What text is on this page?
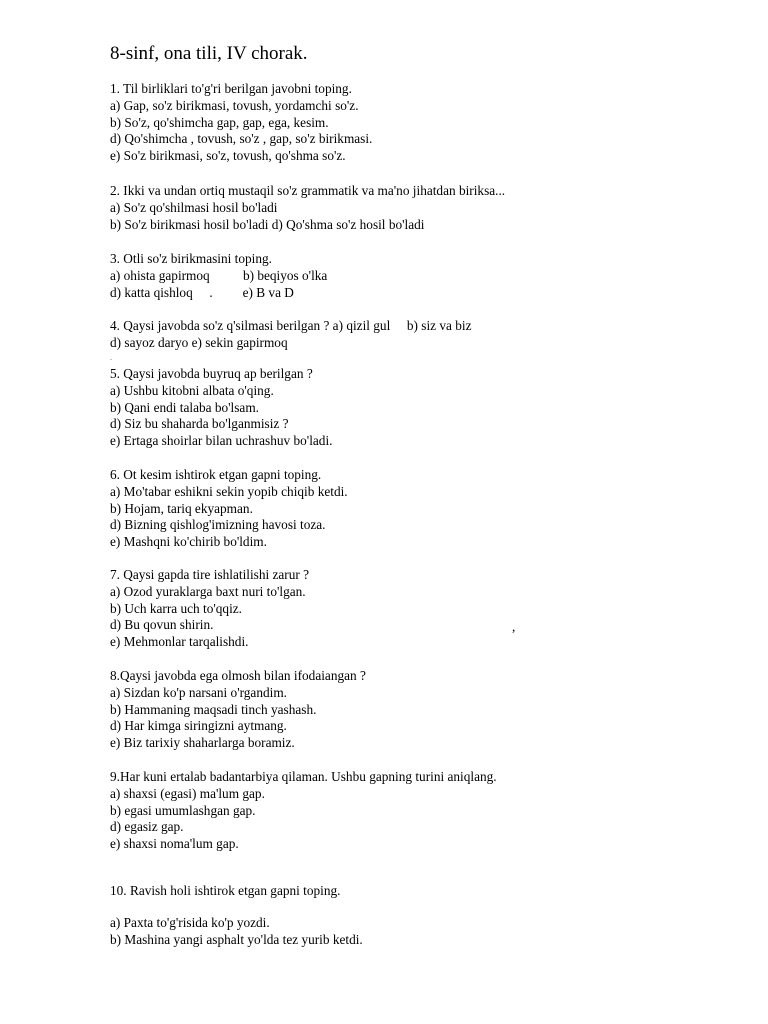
8-sinf, ona tili, IV chorak.
1. Til birliklari to'g'ri berilgan javobni toping.
a) Gap, so'z birikmasi, tovush, yordamchi so'z.
b) So'z, qo'shimcha gap, gap, ega, kesim.
d) Qo'shimcha , tovush, so'z , gap, so'z birikmasi.
e) So'z birikmasi, so'z, tovush, qo'shma so'z.
2. Ikki va undan ortiq mustaqil so'z grammatik va ma'no jihatdan biriksa...
a) So'z qo'shilmasi hosil bo'ladi
b) So'z birikmasi hosil bo'ladi d) Qo'shma so'z hosil bo'ladi
3. Otli so'z birikmasini toping.
a) ohista gapirmoq          b) beqiyos o'lka
d) katta qishloq     .         e) B va D
4. Qaysi javobda so'z q'silmasi berilgan ? a) qizil gul     b) siz va biz
d) sayoz daryo e) sekin gapirmoq
-
5. Qaysi javobda buyruq ap berilgan ?
a) Ushbu kitobni albata o'qing.
b) Qani endi talaba bo'lsam.
d) Siz bu shaharda bo'lganmisiz ?
e) Ertaga shoirlar bilan uchrashuv bo'ladi.
6. Ot kesim ishtirok etgan gapni toping.
a) Mo'tabar eshikni sekin yopib chiqib ketdi.
b) Hojam, tariq ekyapman.
d) Bizning qishlog'imizning havosi toza.
e) Mashqni ko'chirib bo'ldim.
7. Qaysi gapda tire ishlatilishi zarur ?
a) Ozod yuraklarga baxt nuri to'lgan.
b) Uch karra uch to'qqiz.
d) Bu qovun shirin.
e) Mehmonlar tarqalishdi.
,
8.Qaysi javobda ega olmosh bilan ifodaiangan ?
a) Sizdan ko'p narsani o'rgandim.
b) Hammaning maqsadi tinch yashash.
d) Har kimga siringizni aytmang.
e) Biz tarixiy shaharlarga boramiz.
9.Har kuni ertalab badantarbiya qilaman. Ushbu gapning turini aniqlang.
a) shaxsi (egasi) ma'lum gap.
b) egasi umumlashgan gap.
d) egasiz gap.
e) shaxsi noma'lum gap.
10. Ravish holi ishtirok etgan gapni toping.
a) Paxta to'g'risida ko'p yozdi.
b) Mashina yangi asphalt yo'lda tez yurib ketdi.
